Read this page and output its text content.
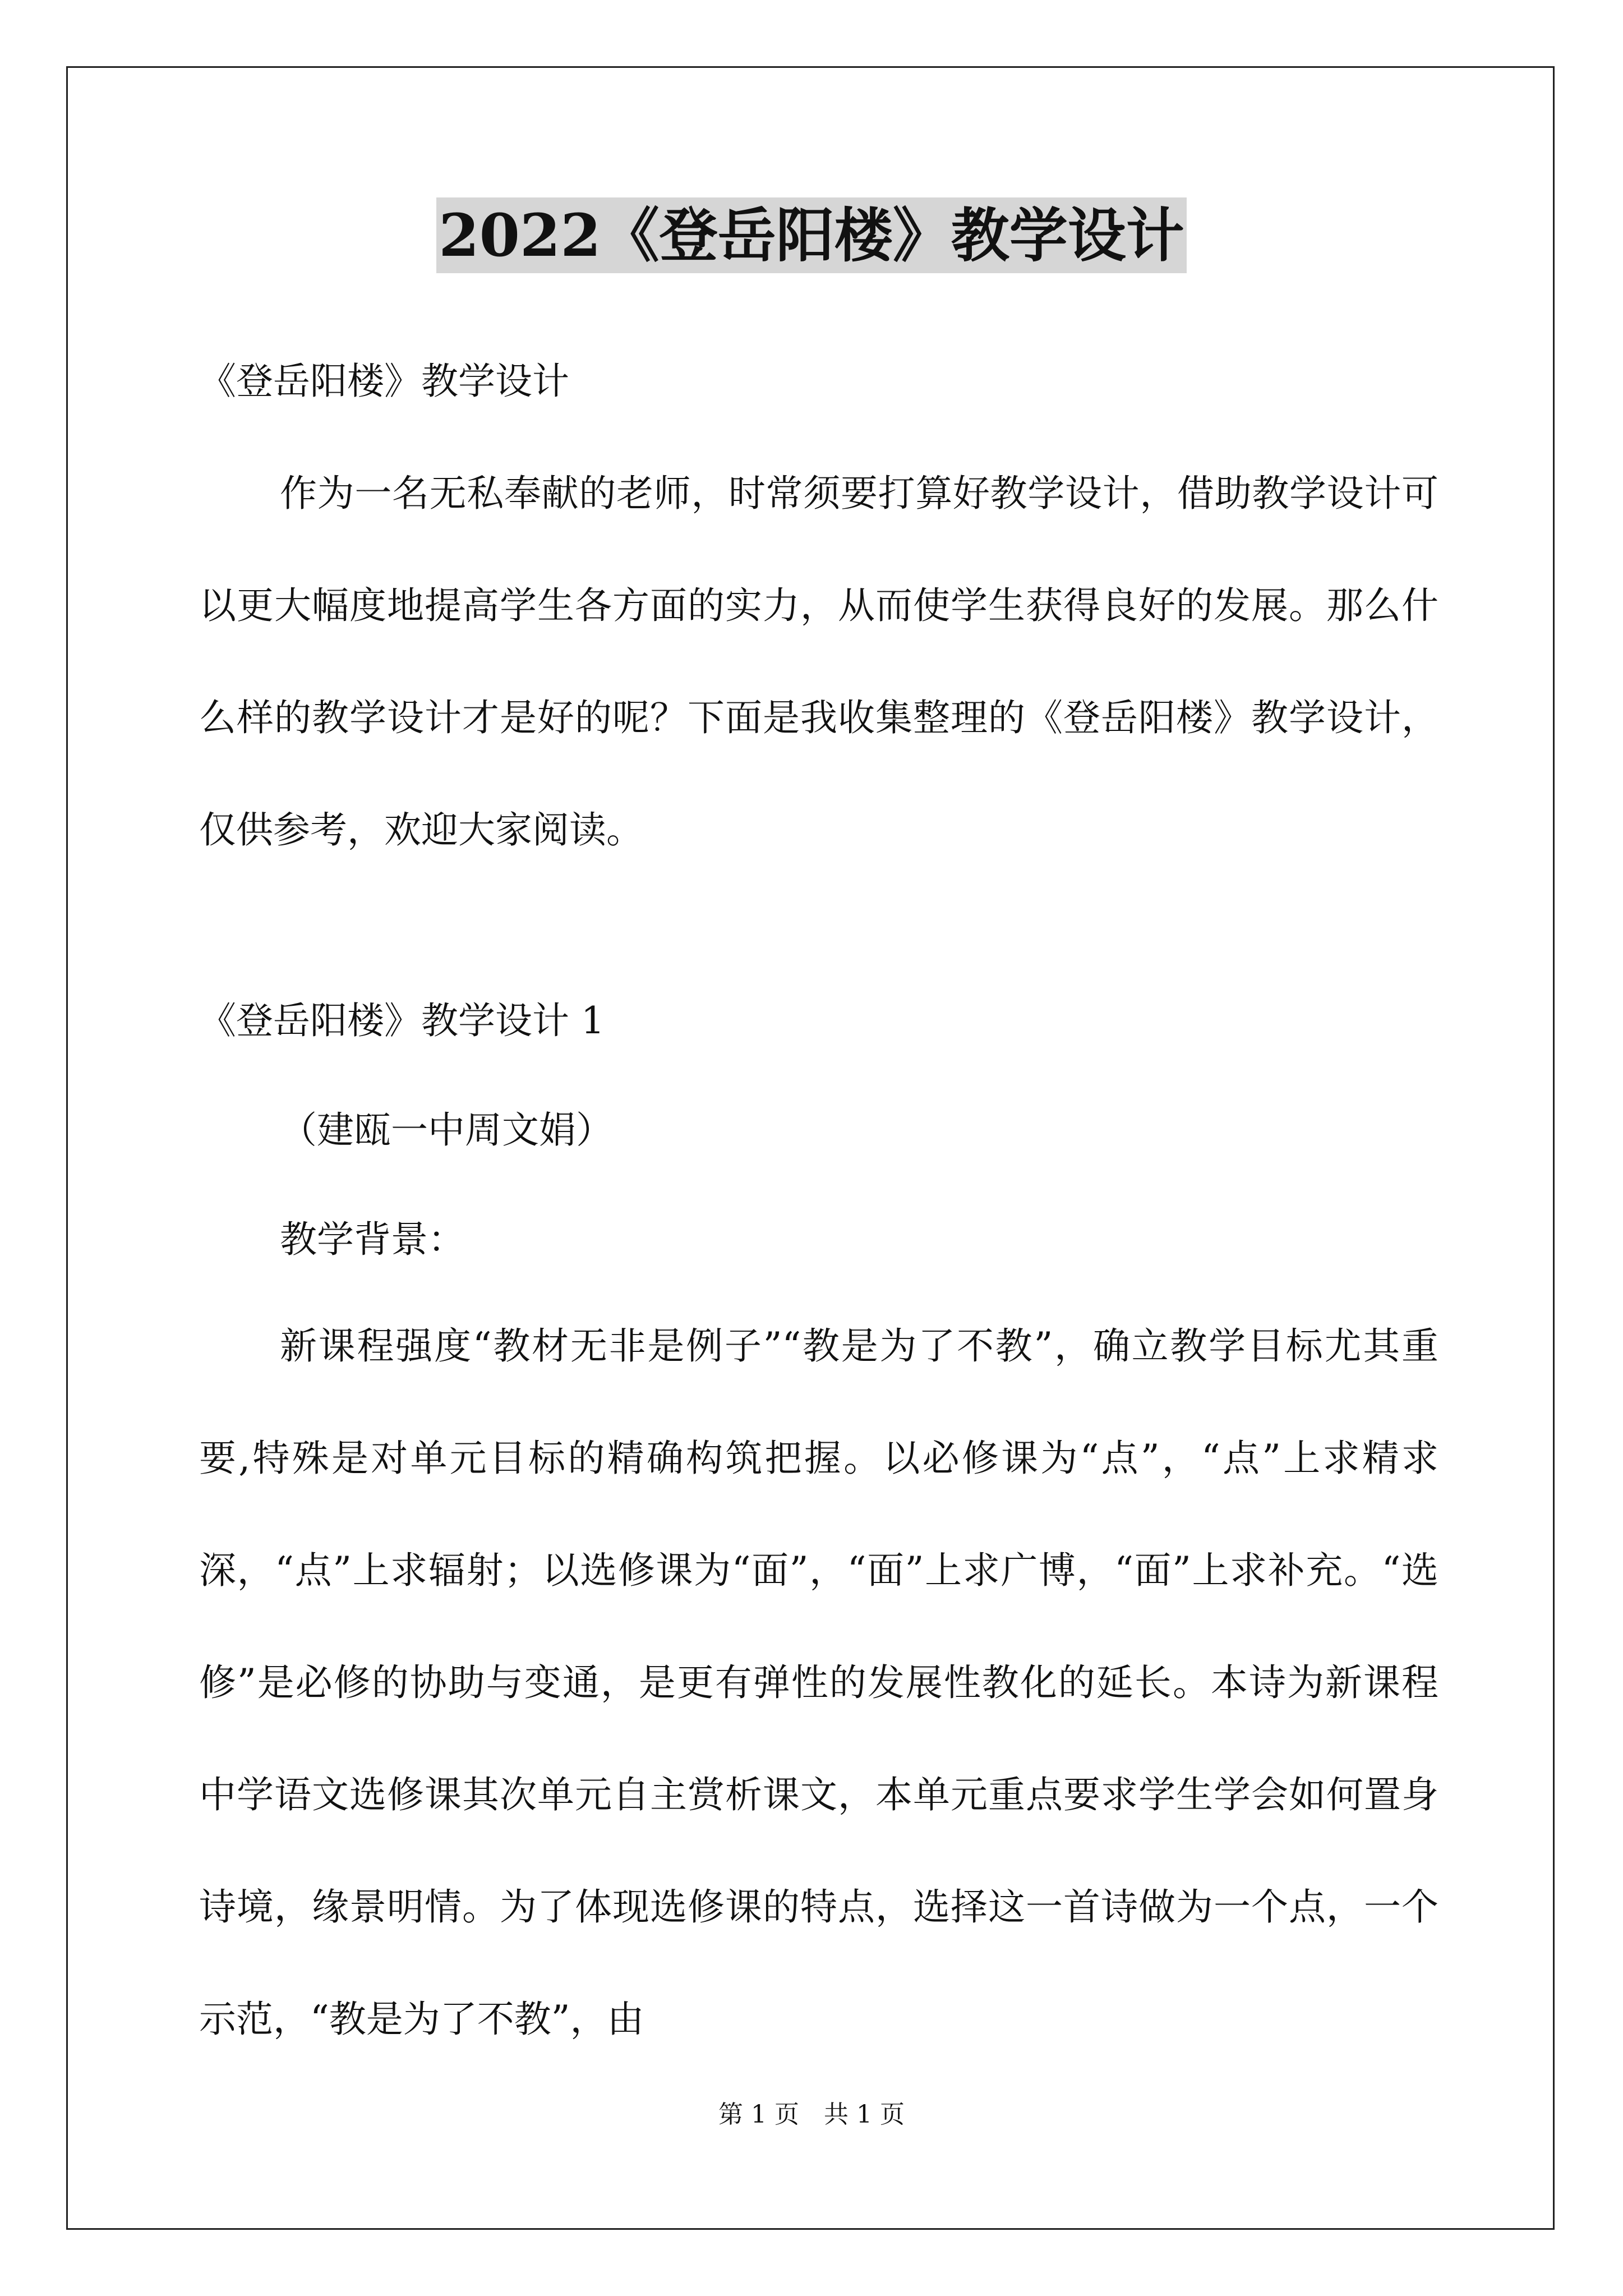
2022《登岳阳楼》教学设计

《登岳阳楼》教学设计

作为一名无私奉献的老师，时常须要打算好教学设计，借助教学设计可以更大幅度地提高学生各方面的实力，从而使学生获得良好的发展。那么什么样的教学设计才是好的呢？下面是我收集整理的《登岳阳楼》教学设计，仅供参考，欢迎大家阅读。

《登岳阳楼》教学设计 1

（建瓯一中周文娟）

教学背景：

新课程强度“教材无非是例子”“教是为了不教”，确立教学目标尤其重要,特殊是对单元目标的精确构筑把握。以必修课为“点”，“点”上求精求深，“点”上求辐射；以选修课为“面”，“面”上求广博，“面”上求补充。“选修”是必修的协助与变通，是更有弹性的发展性教化的延长。本诗为新课程中学语文选修课其次单元自主赏析课文，本单元重点要求学生学会如何置身诗境，缘景明情。为了体现选修课的特点，选择这一首诗做为一个点，一个示范，“教是为了不教”，由

第 1 页　共 1 页
